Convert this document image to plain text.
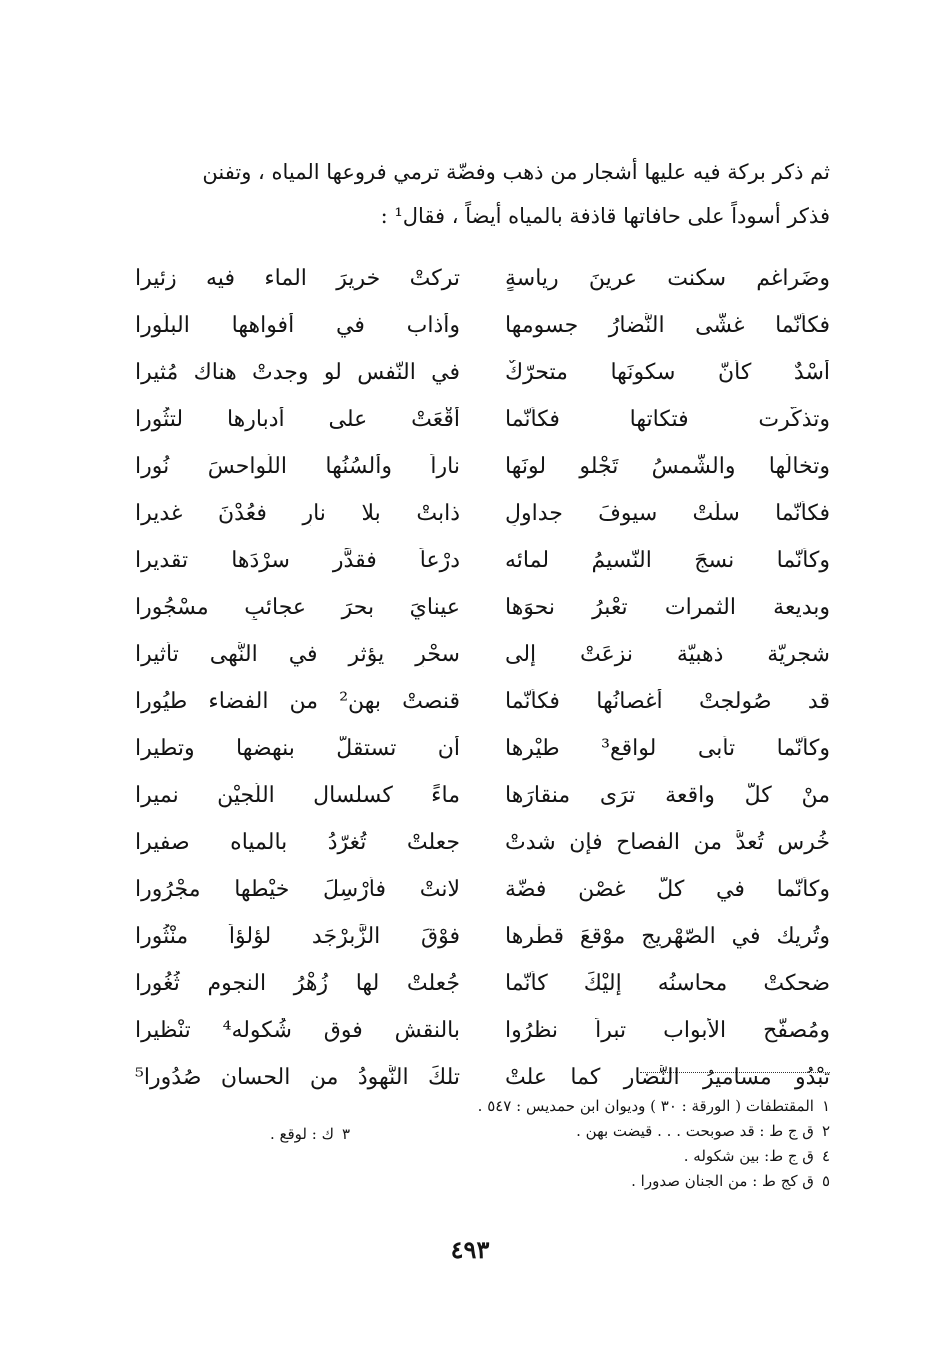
ثم ذكر بركة فيه عليها أشجار من ذهب وفضّة ترمي فروعها المياه ، وتفنن

فذكر أسوداً على حافاتها قاذفة بالمياه أيضاً ، فقال¹ :

وضَراغم سكنت عرينَ رياسةٍ
تركتْ خريرَ الماء فيه زئيرا
فكأنّما غشّى النُّضارُ جسومها
وأذاب في أفواهها البلّورا
أُسْدٌ كأنّ سكونَها متحرّكٌ
في النّفس لو وجدتْ هناك مُثيرا
وتذكّرت فتكاتها فكأنّما
أقْعَتْ على أدبارها لتثُورا
وتخالُها والشّمسُ تَجْلو لونَها
ناراً وألسُنُها اللّواحسَ نُورا
فكأنّما سلّتْ سيوفَ جداولٍ
ذابتْ بلا نارٍ فعُدْنَ غديرا
وكأنّما نسجَ النّسيمُ لمائه
درْعاً فقدَّر سرْدَها تقديرا
وبديعة الثمرات تعْبرُ نحوَها
عينايَ بحرَ عجائبٍ مسْجُورا
شجريّة ذهبيّة نزعَتْ إلى
سحْرٍ يؤثر في النُّهى تأثيرا
قد صُولجتْ أغصانُها فكأنّما
قنصتْ بهن² من الفضاء طيُورا
وكأنّما تأبى لواقع³ طيْرها
أن تستقلَّ بنهضها وتطيرا
منْ كلّ واقعة ترَى منقارَها
ماءً كسلسال اللُّجيْن نميرا
خُرس تُعدُّ من الفصاح فإن شدتْ
جعلتْ تُغرّدُ بالمياه صفيرا
وكأنّما في كلّ غصْنٍ فضّة
لانتْ فأُرْسِلَ خيْطها مجْرُورا
وتُريك في الصّهْريج موْقعَ قطْرها
فوْقَ الزَّبرْجَد لؤلؤاً منْثُورا
ضحكتْ محاسنُه إليْكَ كأنّما
جُعلتْ لها زُهْرُ النجوم ثُغُورا
ومُصفّح الأبواب تبراً نظرُوا
بالنقش فوق شُكوله⁴ تنْظيرا
تبْدُو مساميرُ النُّضارِ كما علتْ
تلكَ النُّهودُ من الحسان صُدُورا⁵
١
المقتطفات ( الورقة : ٣٠ ) وديوان ابن حمديس : ٥٤٧ .
٢
ق ج ط : قد صوبحت . . . قيضت بهن .
٤
ق ج ط: بين شكوله .
٥
ق كج ط : من الجنان صدورا .
٣ك : لوقع .
٤٩٣
